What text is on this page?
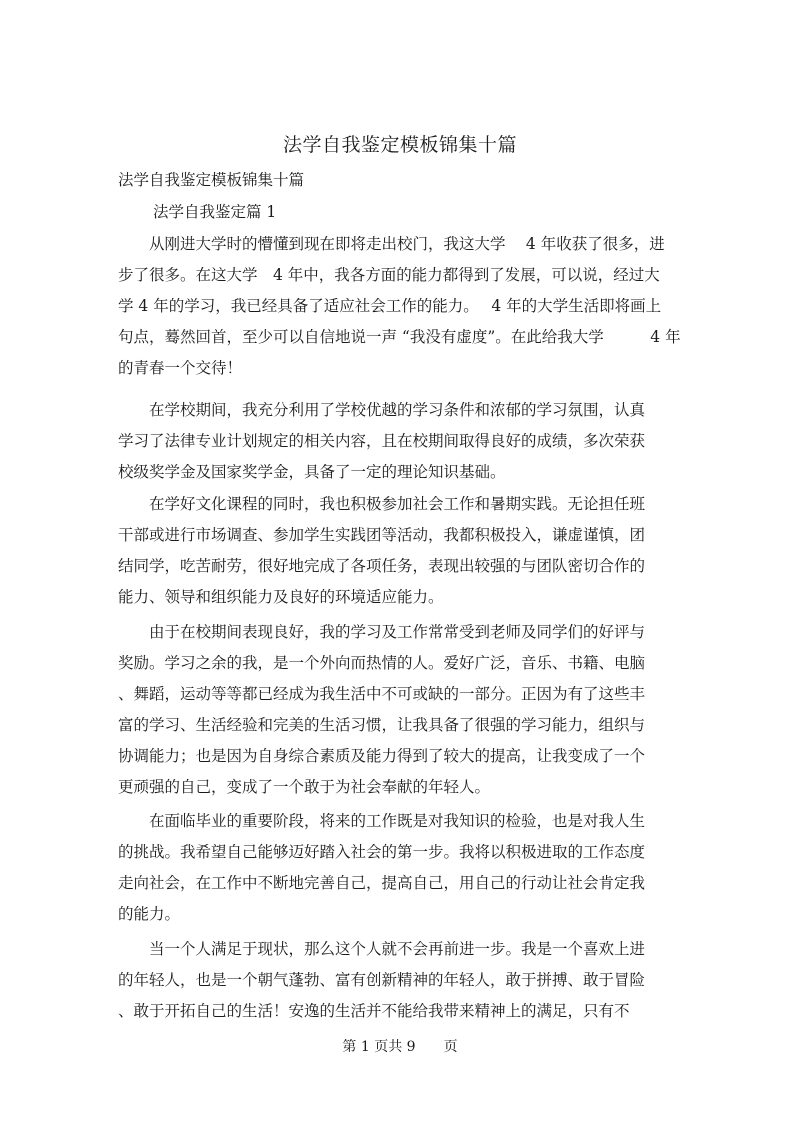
法学自我鉴定模板锦集十篇
法学自我鉴定模板锦集十篇
法学自我鉴定篇 1
　　从刚进大学时的懵懂到现在即将走出校门，我这大学　 4 年收获了很多，进
步了很多。在这大学　4 年中，我各方面的能力都得到了发展，可以说，经过大
学 4 年的学习，我已经具备了适应社会工作的能力。　 4 年的大学生活即将画上
句点，蓦然回首，至少可以自信地说一声 “我没有虚度”。在此给我大学　　　4 年
的青春一个交待！
　　在学校期间，我充分利用了学校优越的学习条件和浓郁的学习氛围，认真
学习了法律专业计划规定的相关内容，且在校期间取得良好的成绩，多次荣获
校级奖学金及国家奖学金，具备了一定的理论知识基础。
　　在学好文化课程的同时，我也积极参加社会工作和暑期实践。无论担任班
干部或进行市场调查、参加学生实践团等活动，我都积极投入，谦虚谨慎，团
结同学，吃苦耐劳，很好地完成了各项任务，表现出较强的与团队密切合作的
能力、领导和组织能力及良好的环境适应能力。
　　由于在校期间表现良好，我的学习及工作常常受到老师及同学们的好评与
奖励。学习之余的我，是一个外向而热情的人。爱好广泛，音乐、书籍、电脑
、舞蹈，运动等等都已经成为我生活中不可或缺的一部分。正因为有了这些丰
富的学习、生活经验和完美的生活习惯，让我具备了很强的学习能力，组织与
协调能力；也是因为自身综合素质及能力得到了较大的提高，让我变成了一个
更顽强的自己，变成了一个敢于为社会奉献的年轻人。
　　在面临毕业的重要阶段，将来的工作既是对我知识的检验，也是对我人生
的挑战。我希望自己能够迈好踏入社会的第一步。我将以积极进取的工作态度
走向社会，在工作中不断地完善自己，提高自己，用自己的行动让社会肯定我
的能力。
　　当一个人满足于现状，那么这个人就不会再前进一步。我是一个喜欢上进
的年轻人，也是一个朝气蓬勃、富有创新精神的年轻人，敢于拼搏、敢于冒险
、敢于开拓自己的生活！安逸的生活并不能给我带来精神上的满足，只有不
第 1 页共 9　　页
